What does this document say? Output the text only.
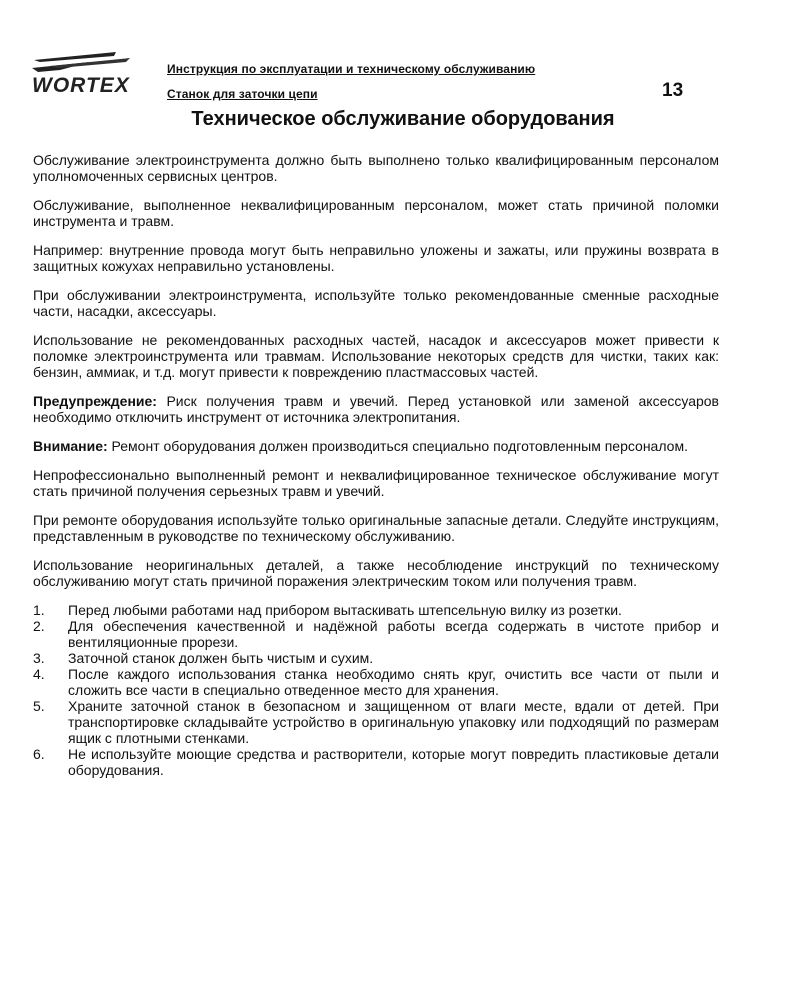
WORTEX
Инструкция по эксплуатации и техническому обслуживанию
Станок для заточки цепи	13
Техническое обслуживание оборудования

Обслуживание электроинструмента должно быть выполнено только квалифицированным персоналом уполномоченных сервисных центров.

Обслуживание, выполненное неквалифицированным персоналом, может стать причиной поломки инструмента и травм.

Например: внутренние провода могут быть неправильно уложены и зажаты, или пружины возврата в защитных кожухах неправильно установлены.

При обслуживании электроинструмента, используйте только рекомендованные сменные расходные части, насадки, аксессуары.

Использование не рекомендованных расходных частей, насадок и аксессуаров может привести к поломке электроинструмента или травмам. Использование некоторых средств для чистки, таких как: бензин, аммиак, и т.д. могут привести к повреждению пластмассовых частей.

Предупреждение: Риск получения травм и увечий. Перед установкой или заменой аксессуаров необходимо отключить инструмент от источника электропитания.

Внимание: Ремонт оборудования должен производиться специально подготовленным персоналом.

Непрофессионально выполненный ремонт и неквалифицированное техническое обслуживание могут стать причиной получения серьезных травм и увечий.

При ремонте оборудования используйте только оригинальные запасные детали. Следуйте инструкциям, представленным в руководстве по техническому обслуживанию.

Использование неоригинальных деталей, а также несоблюдение инструкций по техническому обслуживанию могут стать причиной поражения электрическим током или получения травм.

1. Перед любыми работами над прибором вытаскивать штепсельную вилку из розетки.
2. Для обеспечения качественной и надёжной работы всегда содержать в чистоте прибор и вентиляционные прорези.
3. Заточной станок должен быть чистым и сухим.
4. После каждого использования станка необходимо снять круг, очистить все части от пыли и сложить все части в специально отведенное место для хранения.
5. Храните заточной станок в безопасном и защищенном от влаги месте, вдали от детей. При транспортировке складывайте устройство в оригинальную упаковку или подходящий по размерам ящик с плотными стенками.
6. Не используйте моющие средства и растворители, которые могут повредить пластиковые детали оборудования.
